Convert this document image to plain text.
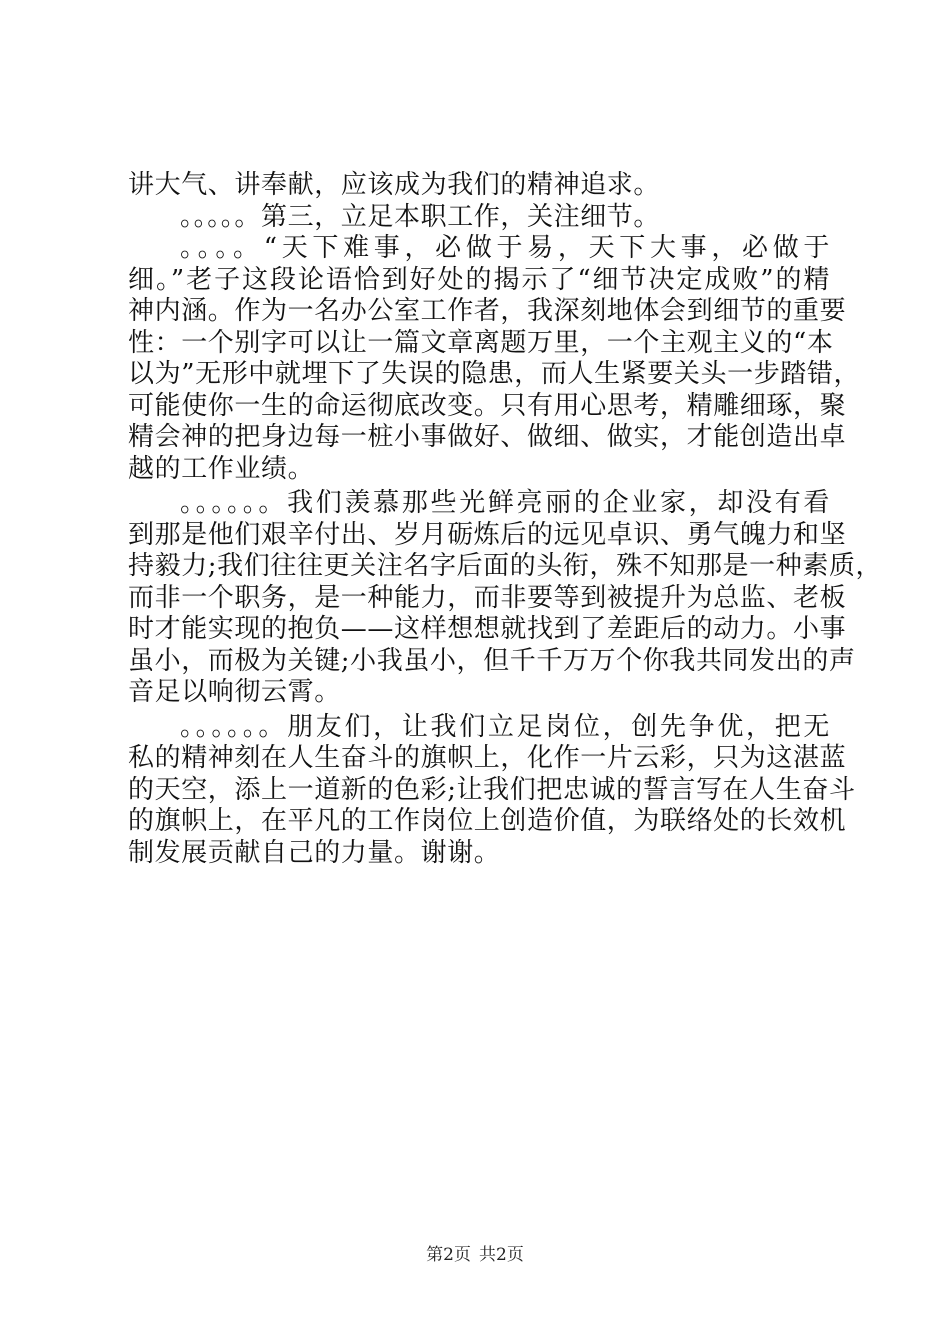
讲大气、讲奉献，应该成为我们的精神追求。
。。。。。第三，立足本职工作，关注细节。
。。。。“天下难事，必做于易，天下大事，必做于
细。”老子这段论语恰到好处的揭示了“细节决定成败”的精
神内涵。作为一名办公室工作者，我深刻地体会到细节的重要
性：一个别字可以让一篇文章离题万里，一个主观主义的“本
以为”无形中就埋下了失误的隐患，而人生紧要关头一步踏错，
可能使你一生的命运彻底改变。只有用心思考，精雕细琢，聚
精会神的把身边每一桩小事做好、做细、做实，才能创造出卓
越的工作业绩。
。。。。。。我们羡慕那些光鲜亮丽的企业家，却没有看
到那是他们艰辛付出、岁月砺炼后的远见卓识、勇气魄力和坚
持毅力;我们往往更关注名字后面的头衔，殊不知那是一种素质，
而非一个职务，是一种能力，而非要等到被提升为总监、老板
时才能实现的抱负——这样想想就找到了差距后的动力。小事
虽小，而极为关键;小我虽小，但千千万万个你我共同发出的声
音足以响彻云霄。
。。。。。。朋友们，让我们立足岗位，创先争优，把无
私的精神刻在人生奋斗的旗帜上，化作一片云彩，只为这湛蓝
的天空，添上一道新的色彩;让我们把忠诚的誓言写在人生奋斗
的旗帜上，在平凡的工作岗位上创造价值，为联络处的长效机
制发展贡献自己的力量。谢谢。
第2页 共2页
